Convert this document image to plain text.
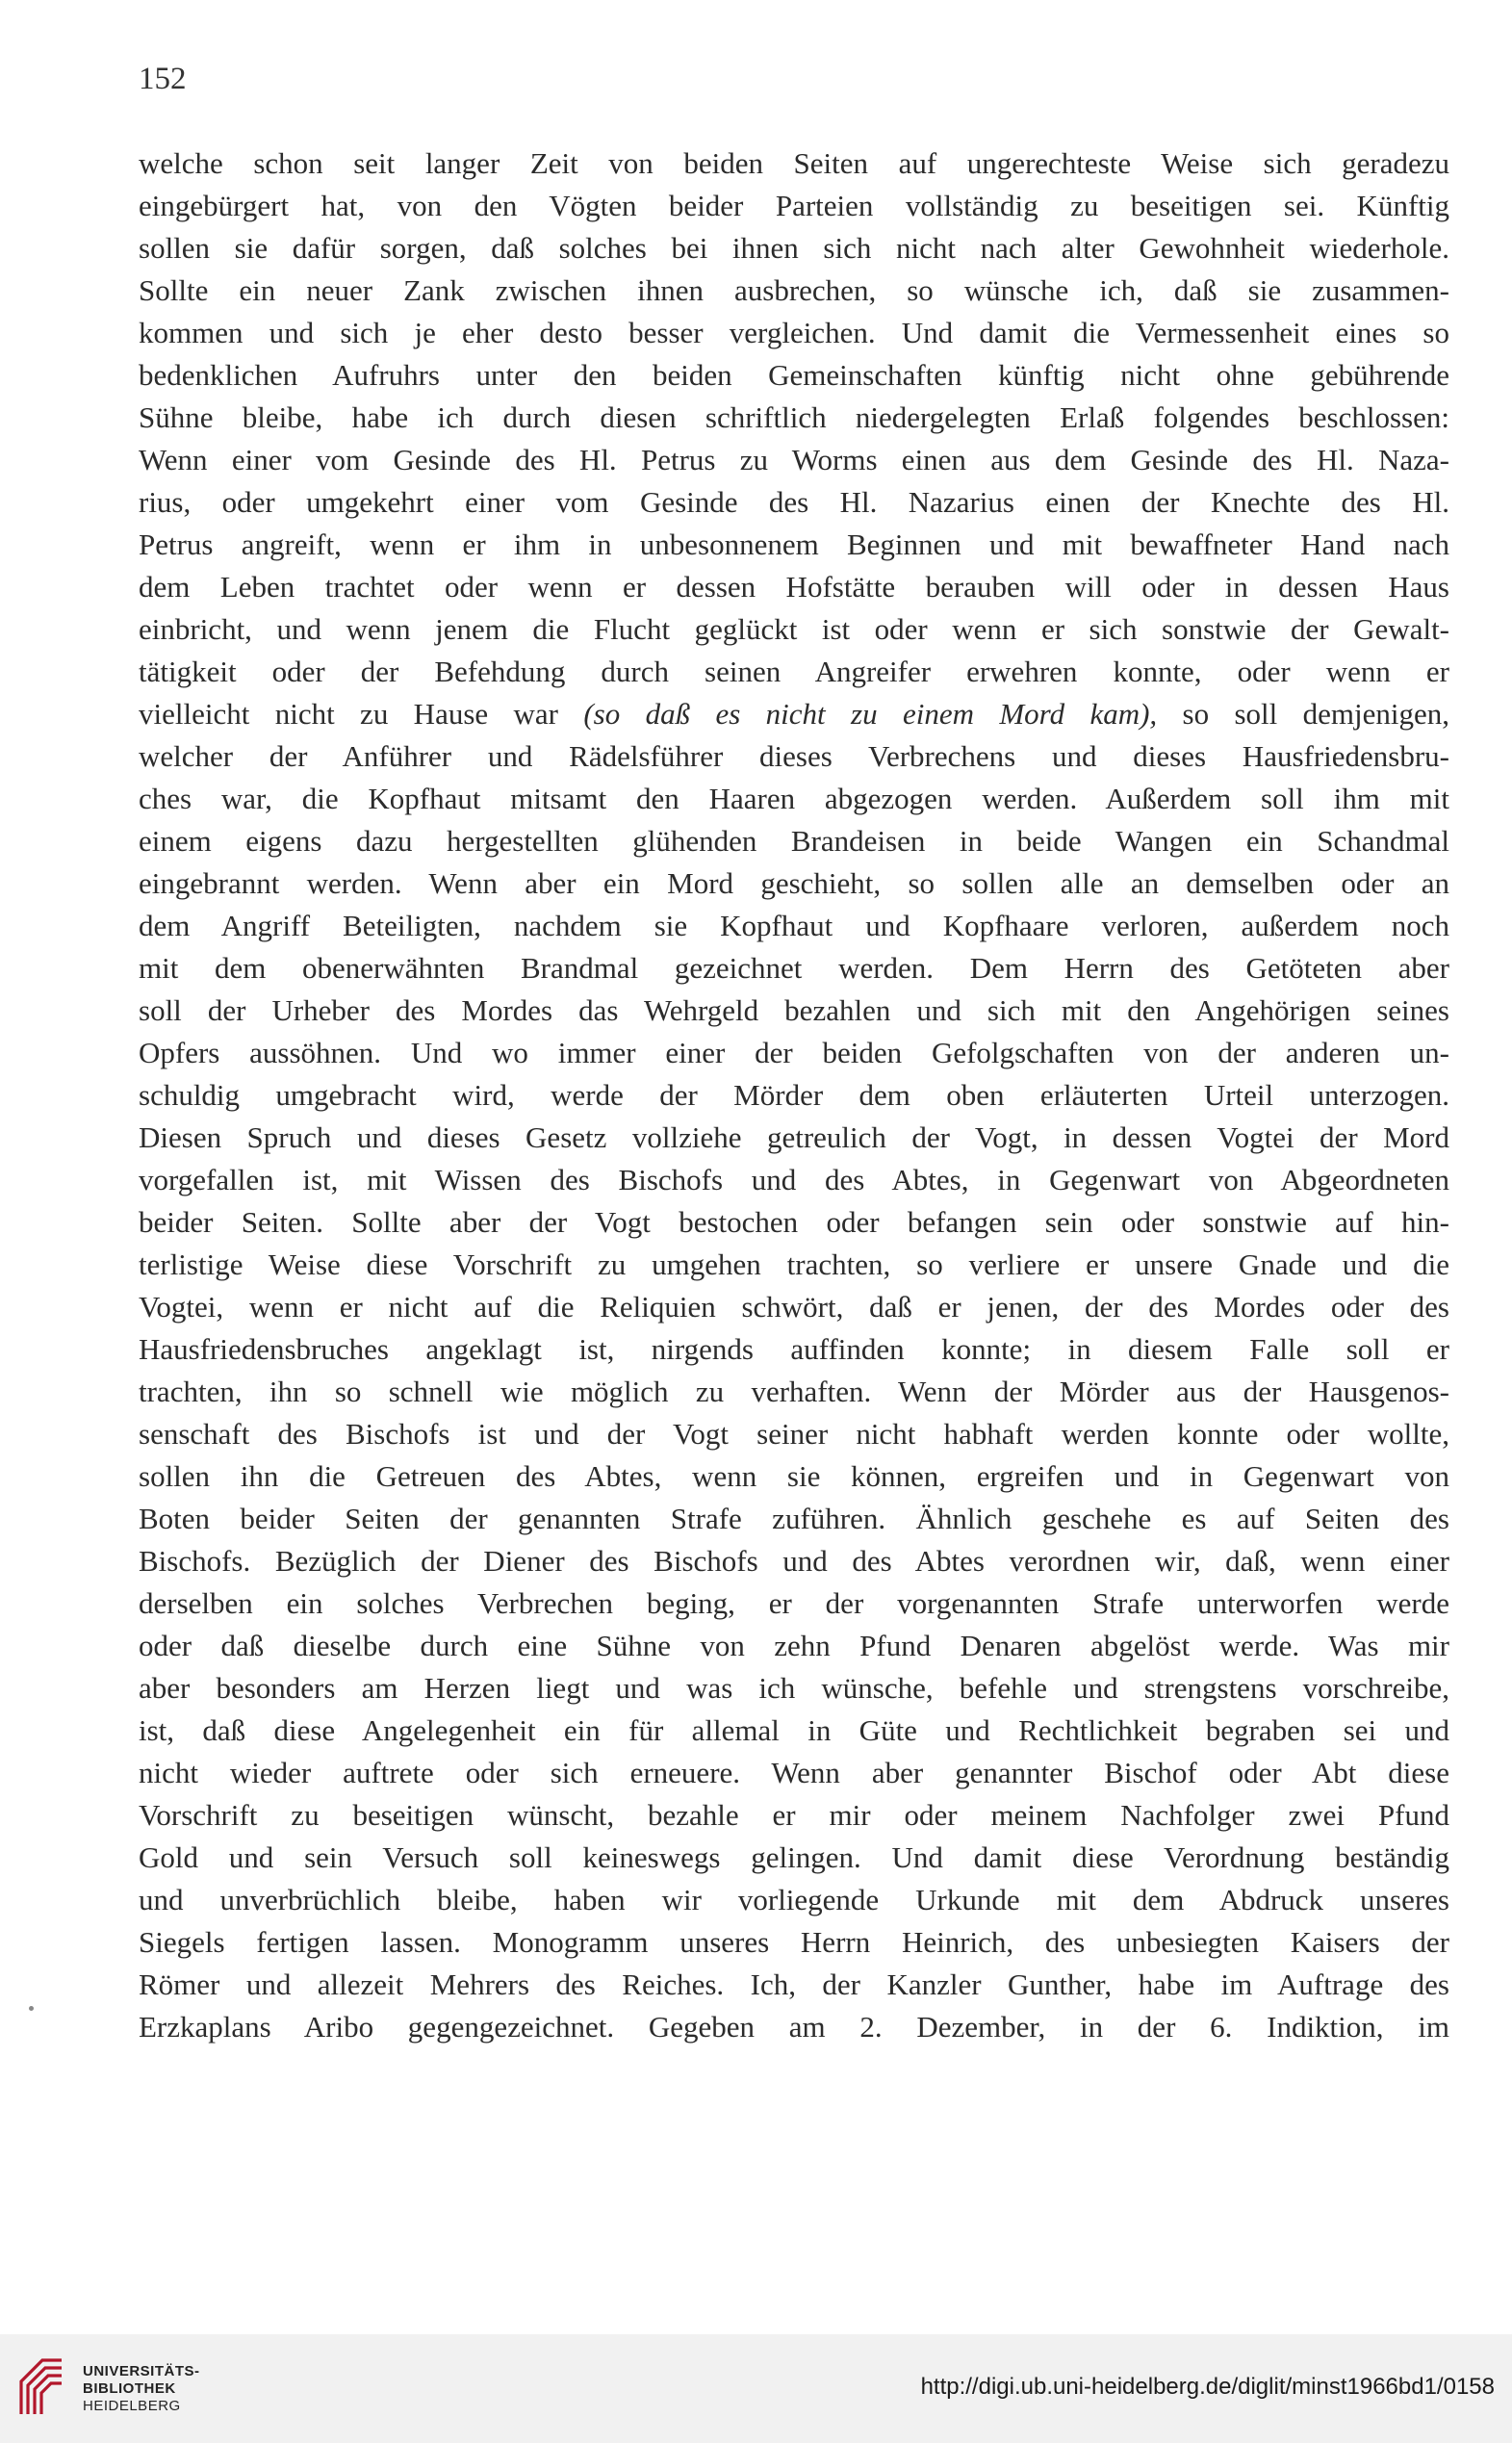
152
welche schon seit langer Zeit von beiden Seiten auf ungerechteste Weise sich geradezu
eingebürgert hat, von den Vögten beider Parteien vollständig zu beseitigen sei. Künftig
sollen sie dafür sorgen, daß solches bei ihnen sich nicht nach alter Gewohnheit wiederhole.
Sollte ein neuer Zank zwischen ihnen ausbrechen, so wünsche ich, daß sie zusammen-
kommen und sich je eher desto besser vergleichen. Und damit die Vermessenheit eines so
bedenklichen Aufruhrs unter den beiden Gemeinschaften künftig nicht ohne gebührende
Sühne bleibe, habe ich durch diesen schriftlich niedergelegten Erlaß folgendes beschlossen:
Wenn einer vom Gesinde des Hl. Petrus zu Worms einen aus dem Gesinde des Hl. Naza-
rius, oder umgekehrt einer vom Gesinde des Hl. Nazarius einen der Knechte des Hl.
Petrus angreift, wenn er ihm in unbesonnenem Beginnen und mit bewaffneter Hand nach
dem Leben trachtet oder wenn er dessen Hofstätte berauben will oder in dessen Haus
einbricht, und wenn jenem die Flucht geglückt ist oder wenn er sich sonstwie der Gewalt-
tätigkeit oder der Befehdung durch seinen Angreifer erwehren konnte, oder wenn er
vielleicht nicht zu Hause war (so daß es nicht zu einem Mord kam), so soll demjenigen,
welcher der Anführer und Rädelsführer dieses Verbrechens und dieses Hausfriedensbru-
ches war, die Kopfhaut mitsamt den Haaren abgezogen werden. Außerdem soll ihm mit
einem eigens dazu hergestellten glühenden Brandeisen in beide Wangen ein Schandmal
eingebrannt werden. Wenn aber ein Mord geschieht, so sollen alle an demselben oder an
dem Angriff Beteiligten, nachdem sie Kopfhaut und Kopfhaare verloren, außerdem noch
mit dem obenerwähnten Brandmal gezeichnet werden. Dem Herrn des Getöteten aber
soll der Urheber des Mordes das Wehrgeld bezahlen und sich mit den Angehörigen seines
Opfers aussöhnen. Und wo immer einer der beiden Gefolgschaften von der anderen un-
schuldig umgebracht wird, werde der Mörder dem oben erläuterten Urteil unterzogen.
Diesen Spruch und dieses Gesetz vollziehe getreulich der Vogt, in dessen Vogtei der Mord
vorgefallen ist, mit Wissen des Bischofs und des Abtes, in Gegenwart von Abgeordneten
beider Seiten. Sollte aber der Vogt bestochen oder befangen sein oder sonstwie auf hin-
terlistige Weise diese Vorschrift zu umgehen trachten, so verliere er unsere Gnade und die
Vogtei, wenn er nicht auf die Reliquien schwört, daß er jenen, der des Mordes oder des
Hausfriedensbruches angeklagt ist, nirgends auffinden konnte; in diesem Falle soll er
trachten, ihn so schnell wie möglich zu verhaften. Wenn der Mörder aus der Hausgenos-
senschaft des Bischofs ist und der Vogt seiner nicht habhaft werden konnte oder wollte,
sollen ihn die Getreuen des Abtes, wenn sie können, ergreifen und in Gegenwart von
Boten beider Seiten der genannten Strafe zuführen. Ähnlich geschehe es auf Seiten des
Bischofs. Bezüglich der Diener des Bischofs und des Abtes verordnen wir, daß, wenn einer
derselben ein solches Verbrechen beging, er der vorgenannten Strafe unterworfen werde
oder daß dieselbe durch eine Sühne von zehn Pfund Denaren abgelöst werde. Was mir
aber besonders am Herzen liegt und was ich wünsche, befehle und strengstens vorschreibe,
ist, daß diese Angelegenheit ein für allemal in Güte und Rechtlichkeit begraben sei und
nicht wieder auftrete oder sich erneuere. Wenn aber genannter Bischof oder Abt diese
Vorschrift zu beseitigen wünscht, bezahle er mir oder meinem Nachfolger zwei Pfund
Gold und sein Versuch soll keineswegs gelingen. Und damit diese Verordnung beständig
und unverbrüchlich bleibe, haben wir vorliegende Urkunde mit dem Abdruck unseres
Siegels fertigen lassen. Monogramm unseres Herrn Heinrich, des unbesiegten Kaisers der
Römer und allezeit Mehrers des Reiches. Ich, der Kanzler Gunther, habe im Auftrage des
Erzkaplans Aribo gegengezeichnet. Gegeben am 2. Dezember, in der 6. Indiktion, im
UNIVERSITÄTS-
BIBLIOTHEK
HEIDELBERG
http://digi.ub.uni-heidelberg.de/diglit/minst1966bd1/0158
